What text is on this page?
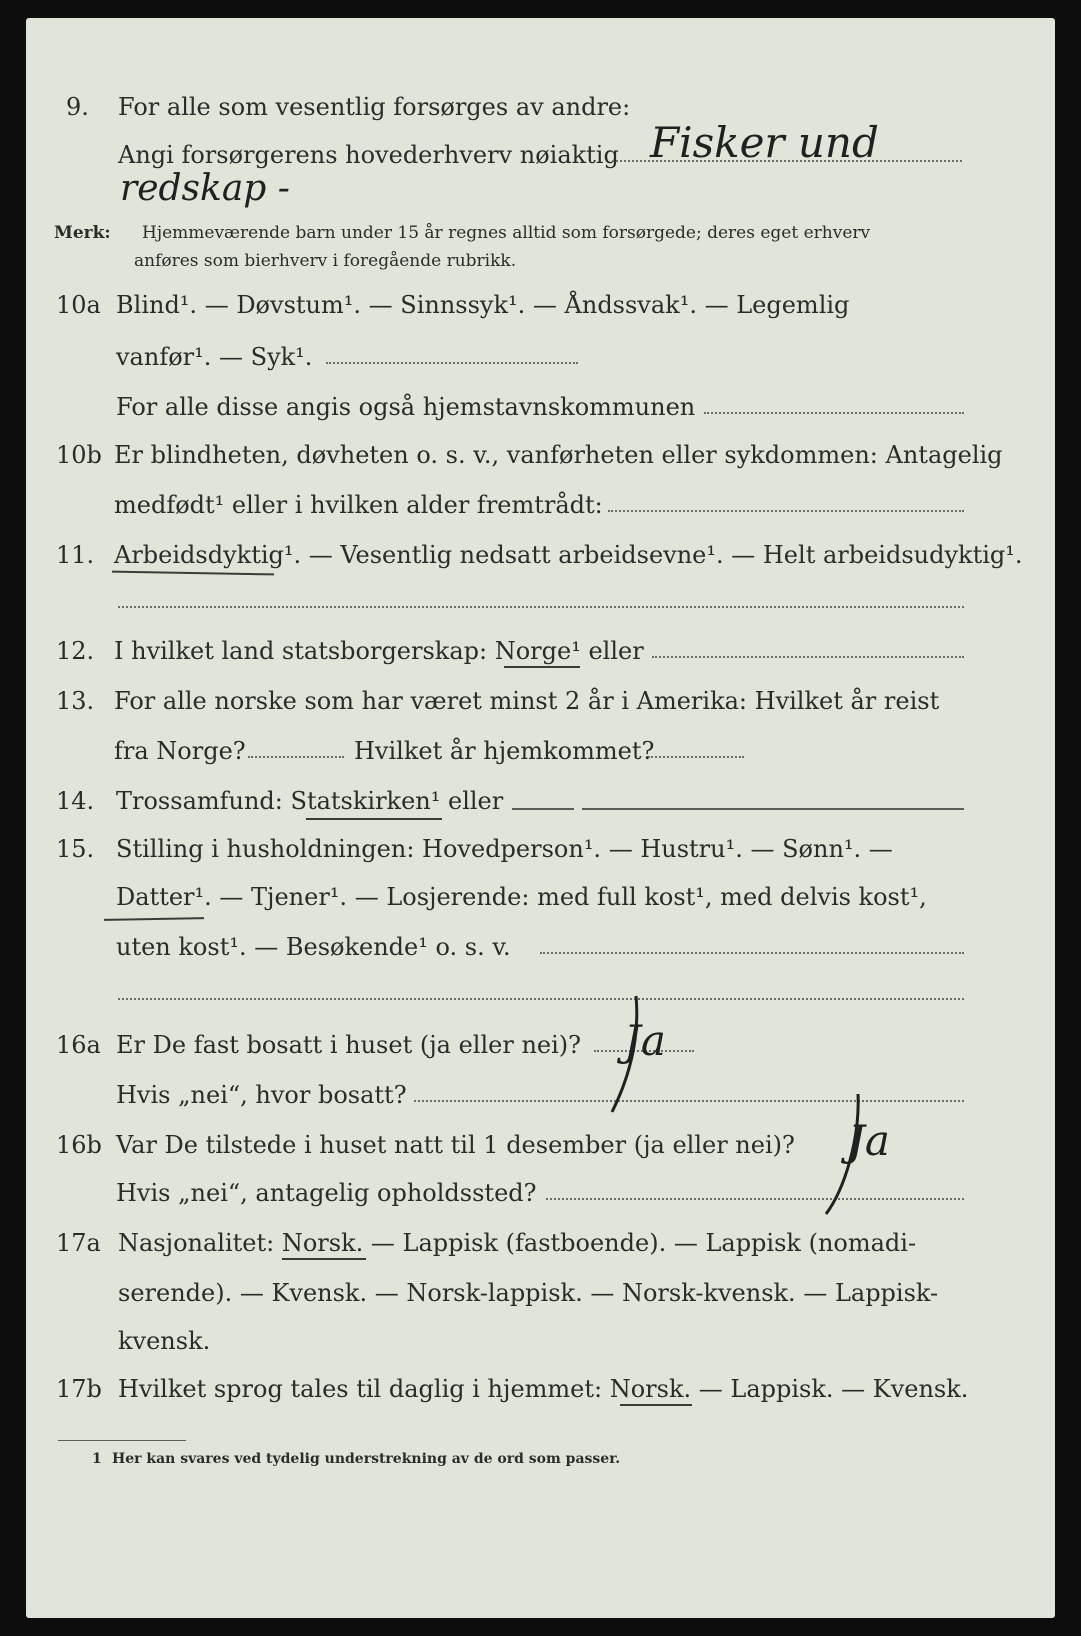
9. For alle som vesentlig forsørges av andre:
Angi forsørgerens hovederhverv nøiaktig Fisker und
redskap -
Merk: Hjemmeværende barn under 15 år regnes alltid som forsørgede; deres eget erhverv
anføres som bierhverv i foregående rubrikk.
10a Blind¹. — Døvstum¹. — Sinnssyk¹. — Åndssvak¹. — Legemlig
vanfør¹. — Syk¹.
For alle disse angis også hjemstavnskommunen
10b Er blindheten, døvheten o. s. v., vanførheten eller sykdommen: Antagelig
medfødt¹ eller i hvilken alder fremtrådt:
11. Arbeidsdyktig¹. — Vesentlig nedsatt arbeidsevne¹. — Helt arbeidsudyktig¹.
12. I hvilket land statsborgerskap: Norge¹ eller
13. For alle norske som har været minst 2 år i Amerika: Hvilket år reist
fra Norge?	Hvilket år hjemkommet?
14. Trossamfund: Statskirken¹ eller
15. Stilling i husholdningen: Hovedperson¹. — Hustru¹. — Sønn¹. —
Datter¹. — Tjener¹. — Losjerende: med full kost¹, med delvis kost¹,
uten kost¹. — Besøkende¹ o. s. v.
16a Er De fast bosatt i huset (ja eller nei)? Ja
Hvis „nei“, hvor bosatt?
16b Var De tilstede i huset natt til 1 desember (ja eller nei)? Ja
Hvis „nei“, antagelig opholdssted?
17a Nasjonalitet: Norsk. — Lappisk (fastboende). — Lappisk (nomadi-
serende). — Kvensk. — Norsk-lappisk. — Norsk-kvensk. — Lappisk-
kvensk.
17b Hvilket sprog tales til daglig i hjemmet: Norsk. — Lappisk. — Kvensk.
1 Her kan svares ved tydelig understrekning av de ord som passer.
